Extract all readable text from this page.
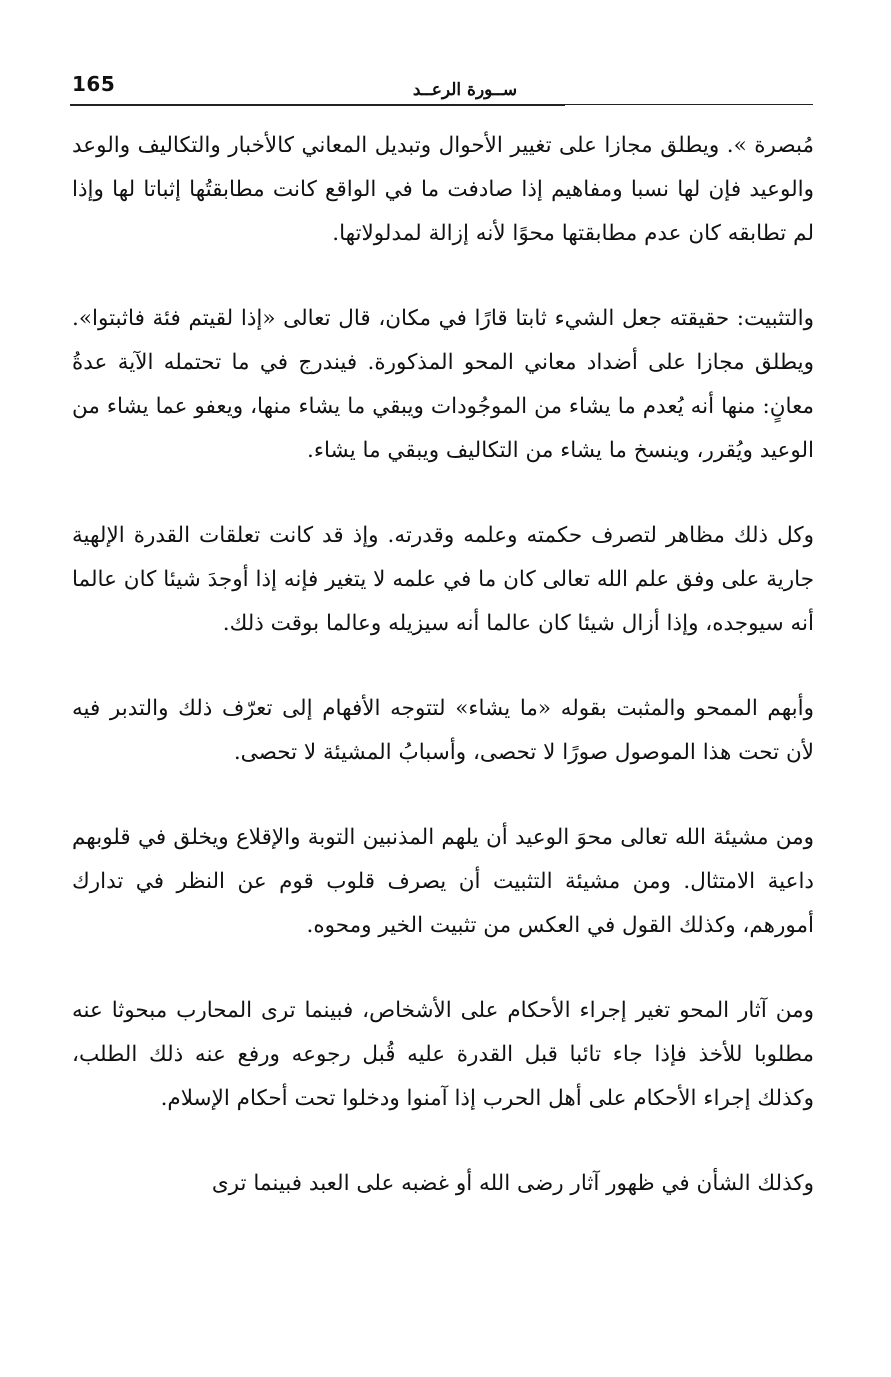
165	ســورة الرعــد

مُبصرة ». ويطلق مجازا على تغيير الأحوال وتبديل المعاني كالأخبار والتكاليف والوعد والوعيد فإن لها نسبا ومفاهيم إذا صادفت ما في الواقع كانت مطابقتُها إثباتا لها وإذا لم تطابقه كان عدم مطابقتها محوًا لأنه إزالة لمدلولاتها.

والتثبيت: حقيقته جعل الشيء ثابتا قارًا في مكان، قال تعالى «إذا لقيتم فئة فاثبتوا». ويطلق مجازا على أضداد معاني المحو المذكورة. فيندرج في ما تحتمله الآية عدةُ معانٍ: منها أنه يُعدم ما يشاء من الموجُودات ويبقي ما يشاء منها، ويعفو عما يشاء من الوعيد ويُقرر، وينسخ ما يشاء من التكاليف ويبقي ما يشاء.

وكل ذلك مظاهر لتصرف حكمته وعلمه وقدرته. وإذ قد كانت تعلقات القدرة الإلهية جارية على وفق علم الله تعالى كان ما في علمه لا يتغير فإنه إذا أوجدَ شيئا كان عالما أنه سيوجده، وإذا أزال شيئا كان عالما أنه سيزيله وعالما بوقت ذلك.

وأبهم الممحو والمثبت بقوله «ما يشاء» لتتوجه الأفهام إلى تعرّف ذلك والتدبر فيه لأن تحت هذا الموصول صورًا لا تحصى، وأسبابُ المشيئة لا تحصى.

ومن مشيئة الله تعالى محوَ الوعيد أن يلهم المذنبين التوبة والإقلاع ويخلق في قلوبهم داعية الامتثال. ومن مشيئة التثبيت أن يصرف قلوب قوم عن النظر في تدارك أمورهم، وكذلك القول في العكس من تثبيت الخير ومحوه.

ومن آثار المحو تغير إجراء الأحكام على الأشخاص، فبينما ترى المحارب مبحوثا عنه مطلوبا للأخذ فإذا جاء تائبا قبل القدرة عليه قُبل رجوعه ورفع عنه ذلك الطلب، وكذلك إجراء الأحكام على أهل الحرب إذا آمنوا ودخلوا تحت أحكام الإسلام.

وكذلك الشأن في ظهور آثار رضى الله أو غضبه على العبد فبينما ترى
